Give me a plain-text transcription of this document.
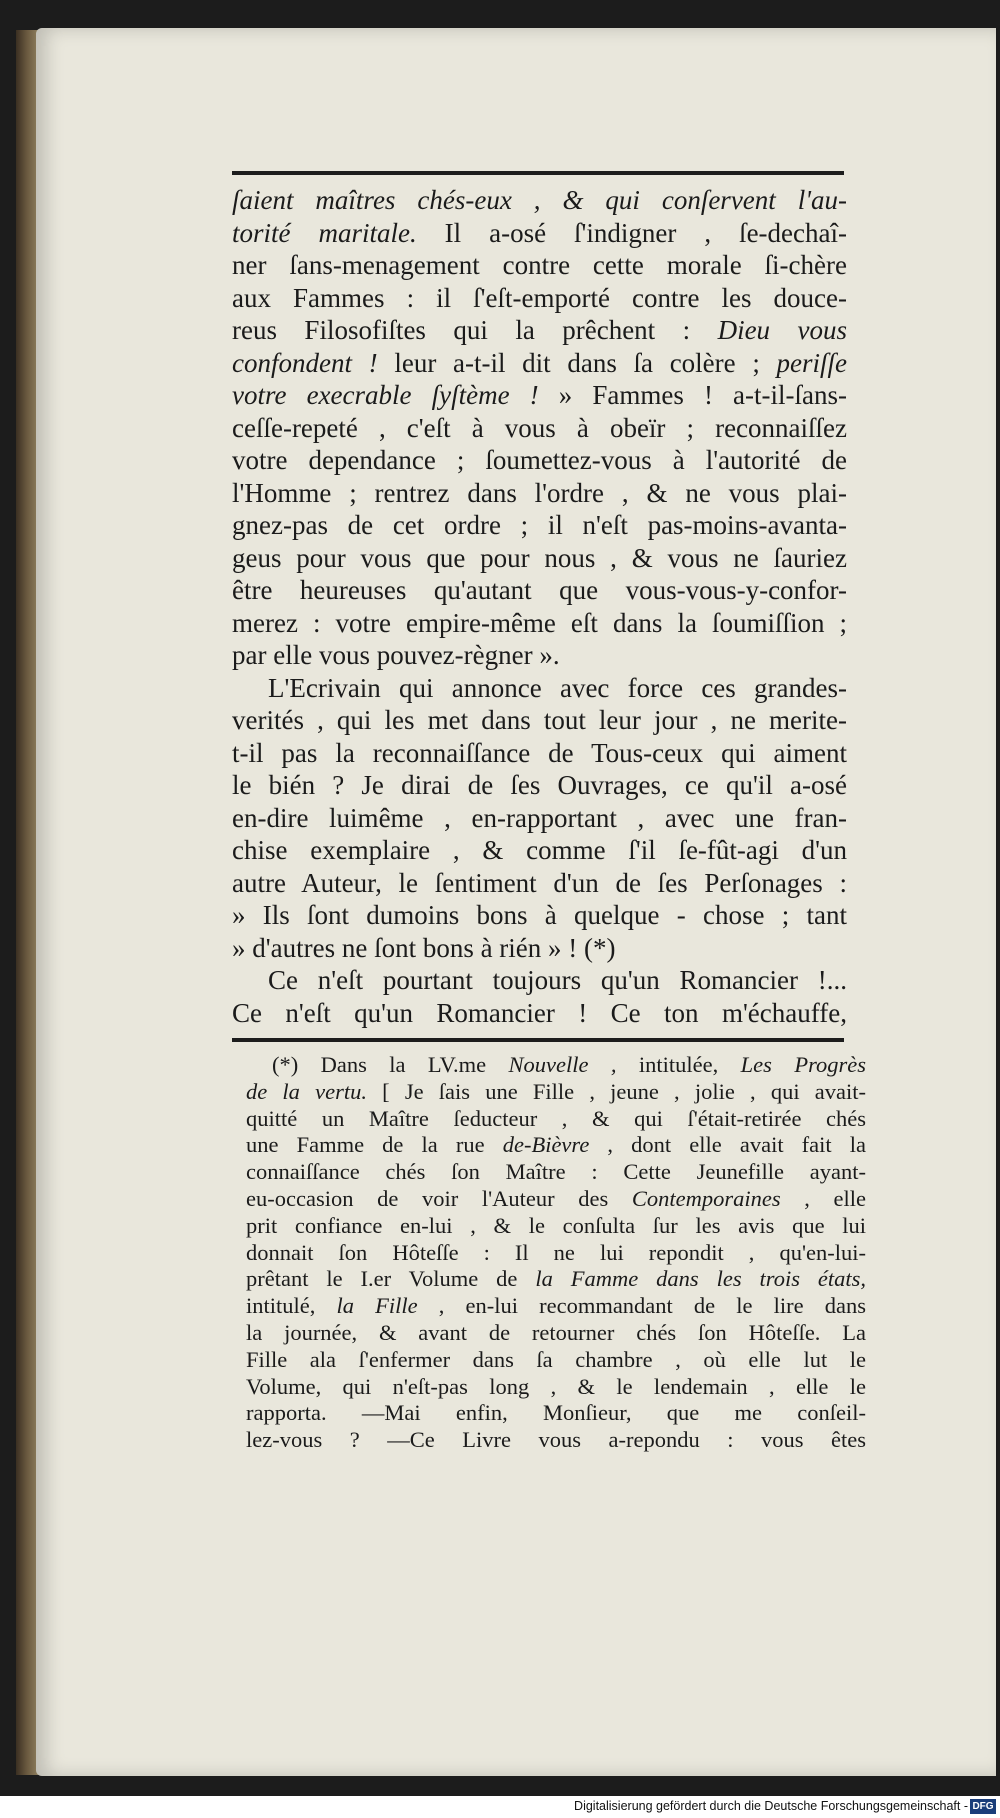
ſaient maîtres chés-eux , & qui conſervent l'au-
torité maritale. Il a-osé ſ'indigner , ſe-dechaî-
ner ſans-menagement contre cette morale ſi-chère
aux Fammes : il ſ'eſt-emporté contre les douce-
reus Filosofiſtes qui la prêchent : Dieu vous
confondent ! leur a-t-il dit dans ſa colère ; periſſe
votre execrable ſyſtème ! » Fammes ! a-t-il-ſans-
ceſſe-repeté , c'eſt à vous à obeïr ; reconnaiſſez
votre dependance ; ſoumettez-vous à l'autorité de
l'Homme ; rentrez dans l'ordre , & ne vous plai-
gnez-pas de cet ordre ; il n'eſt pas-moins-avanta-
geus pour vous que pour nous , & vous ne ſauriez
être heureuses qu'autant que vous-vous-y-confor-
merez : votre empire-même eſt dans la ſoumiſſion ;
par elle vous pouvez-règner ».
L'Ecrivain qui annonce avec force ces grandes-
verités , qui les met dans tout leur jour , ne merite-
t-il pas la reconnaiſſance de Tous-ceux qui aiment
le bién ? Je dirai de ſes Ouvrages, ce qu'il a-osé
en-dire luimême , en-rapportant , avec une fran-
chise exemplaire , & comme ſ'il ſe-fût-agi d'un
autre Auteur, le ſentiment d'un de ſes Perſonages :
» Ils ſont dumoins bons à quelque - chose ; tant
» d'autres ne ſont bons à rién » ! (*)
Ce n'eſt pourtant toujours qu'un Romancier !...
Ce n'eſt qu'un Romancier ! Ce ton m'échauffe,
(*) Dans la LV.me Nouvelle , intitulée, Les Progrès
de la vertu. [ Je ſais une Fille , jeune , jolie , qui avait-
quitté un Maître ſeducteur , & qui ſ'était-retirée chés
une Famme de la rue de-Bièvre , dont elle avait fait la
connaiſſance chés ſon Maître : Cette Jeunefille ayant-
eu-occasion de voir l'Auteur des Contemporaines , elle
prit confiance en-lui , & le conſulta ſur les avis que lui
donnait ſon Hôteſſe : Il ne lui repondit , qu'en-lui-
prêtant le I.er Volume de la Famme dans les trois états,
intitulé, la Fille , en-lui recommandant de le lire dans
la journée, & avant de retourner chés ſon Hôteſſe. La
Fille ala ſ'enfermer dans ſa chambre , où elle lut le
Volume, qui n'eſt-pas long , & le lendemain , elle le
rapporta. —Mai enfin, Monſieur, que me conſeil-
lez-vous ? —Ce Livre vous a-repondu : vous êtes
Digitalisierung gefördert durch die Deutsche Forschungsgemeinschaft - DFG
